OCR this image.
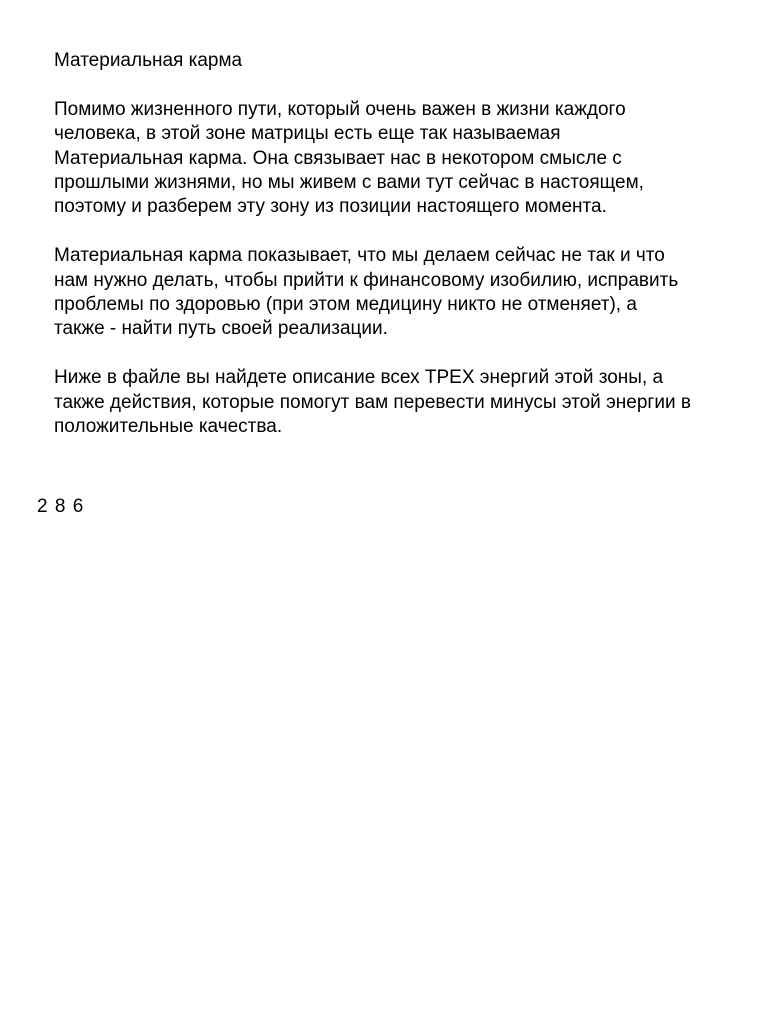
Материальная карма

Помимо жизненного пути, который очень важен в жизни каждого
человека, в этой зоне матрицы есть еще так называемая
Материальная карма. Она связывает нас в некотором смысле с
прошлыми жизнями, но мы живем с вами тут сейчас в настоящем,
поэтому и разберем эту зону из позиции настоящего момента.

Материальная карма показывает, что мы делаем сейчас не так и что
нам нужно делать, чтобы прийти к финансовому изобилию, исправить
проблемы по здоровью (при этом медицину никто не отменяет), а
также - найти путь своей реализации.

Ниже в файле вы найдете описание всех ТРЕХ энергий этой зоны, а
также действия, которые помогут вам перевести минусы этой энергии в
положительные качества.

2 8 6
